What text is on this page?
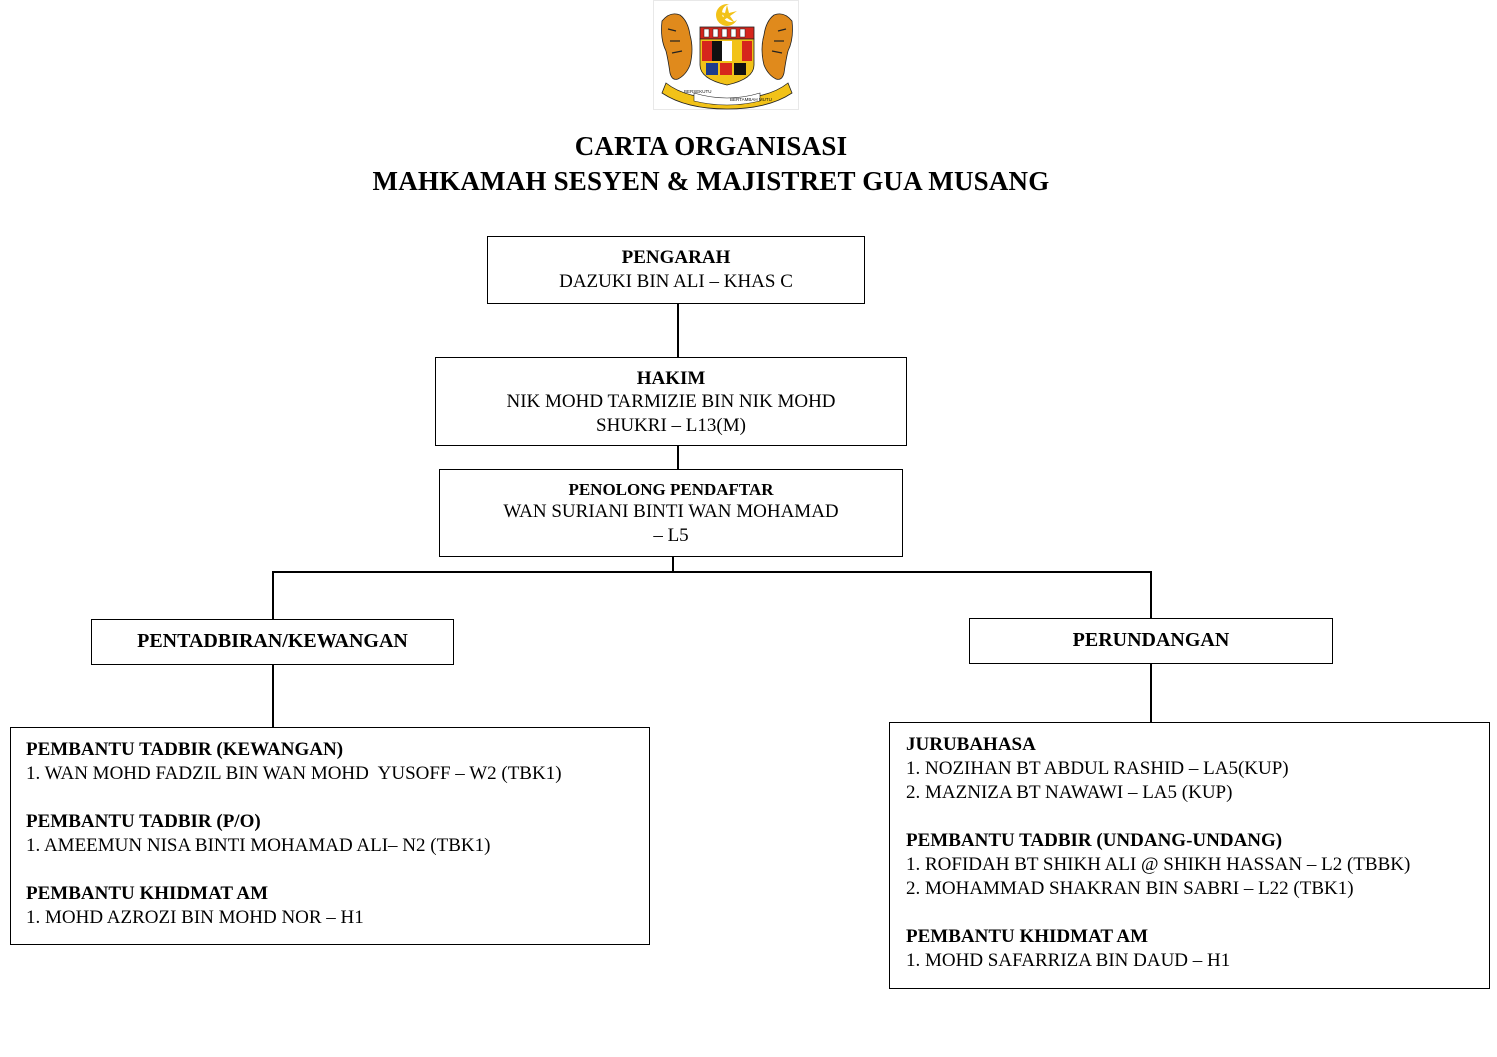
BERSEKUTU
BERTAMBAH MUTU
CARTA ORGANISASI
MAHKAMAH SESYEN & MAJISTRET GUA MUSANG
PENGARAH
DAZUKI BIN ALI – KHAS C
HAKIM
NIK MOHD TARMIZIE BIN NIK MOHD
SHUKRI – L13(M)
PENOLONG PENDAFTAR
WAN SURIANI BINTI WAN MOHAMAD
– L5
PENTADBIRAN/KEWANGAN	PERUNDANGAN
PEMBANTU TADBIR (KEWANGAN)
1. WAN MOHD FADZIL BIN WAN MOHD  YUSOFF – W2 (TBK1)
PEMBANTU TADBIR (P/O)
1. AMEEMUN NISA BINTI MOHAMAD ALI– N2 (TBK1)
PEMBANTU KHIDMAT AM
1. MOHD AZROZI BIN MOHD NOR – H1
JURUBAHASA
1. NOZIHAN BT ABDUL RASHID – LA5(KUP)
2. MAZNIZA BT NAWAWI – LA5 (KUP)
PEMBANTU TADBIR (UNDANG-UNDANG)
1. ROFIDAH BT SHIKH ALI @ SHIKH HASSAN – L2 (TBBK)
2. MOHAMMAD SHAKRAN BIN SABRI – L22 (TBK1)
PEMBANTU KHIDMAT AM
1. MOHD SAFARRIZA BIN DAUD – H1
